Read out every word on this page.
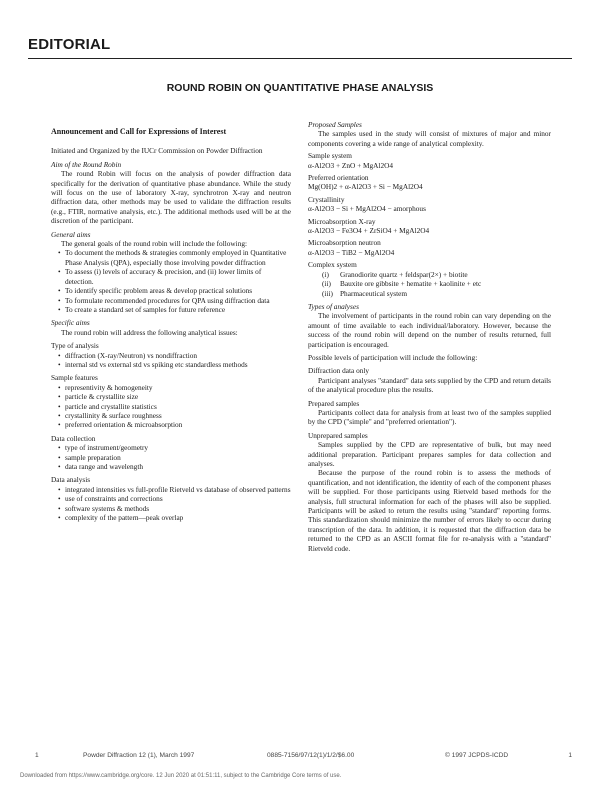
EDITORIAL
ROUND ROBIN ON QUANTITATIVE PHASE ANALYSIS
Announcement and Call for Expressions of Interest

Initiated and Organized by the IUCr Commission on Powder Diffraction

Aim of the Round Robin

The round Robin will focus on the analysis of powder diffraction data specifically for the derivation of quantitative phase abundance. While the study will focus on the use of laboratory X-ray, synchrotron X-ray and neutron diffraction data, other methods may be used to validate the diffraction results (e.g., FTIR, normative analysis, etc.). The additional methods used will be at the discretion of the participant.

General aims

The general goals of the round robin will include the following:

• To document the methods & strategies commonly employed in Quantitative Phase Analysis (QPA), especially those involving powder diffraction
• To assess (i) levels of accuracy & precision, and (ii) lower limits of detection.
• To identify specific problem areas & develop practical solutions
• To formulate recommended procedures for QPA using diffraction data
• To create a standard set of samples for future reference
Specific aims

The round robin will address the following analytical issues:

Type of analysis
• diffraction (X-ray/Neutron) vs nondiffraction
• internal std vs external std vs spiking etc standardless methods
Sample features
• representivity & homogeneity
• particle & crystallite size
• particle and crystallite statistics
• crystallinity & surface roughness
• preferred orientation & microabsorption
Data collection
• type of instrument/geometry
• sample preparation
• data range and wavelength
Data analysis
• integrated intensities vs full-profile Rietveld vs database of observed patterns
• use of constraints and corrections
• software systems & methods
• complexity of the pattern—peak overlap
Proposed Samples

The samples used in the study will consist of mixtures of major and minor components covering a wide range of analytical complexity.

Sample system
α-Al2O3 + ZnO + MgAl2O4
Preferred orientation
Mg(OH)2 + α-Al2O3 + Si − MgAl2O4
Crystallinity
α-Al2O3 − Si + MgAl2O4 − amorphous
Microabsorption X-ray
α-Al2O3 − Fe3O4 + ZrSiO4 + MgAl2O4
Microabsorption neutron
α-Al2O3 − TiB2 − MgAl2O4
Complex system
(i) Granodiorite quartz + feldspar(2×) + biotite
(ii) Bauxite ore gibbsite + hematite + kaolinite + etc
(iii) Pharmaceutical system
Types of analyses

The involvement of participants in the round robin can vary depending on the amount of time available to each individual/laboratory. However, because the success of the round robin will depend on the number of results returned, full participation is encouraged.

Possible levels of participation will include the following:

Diffraction data only

Participant analyses "standard" data sets supplied by the CPD and return details of the analytical procedure plus the results.

Prepared samples

Participants collect data for analysis from at least two of the samples supplied by the CPD ("simple" and "preferred orientation").

Unprepared samples

Samples supplied by the CPD are representative of bulk, but may need additional preparation. Participant prepares samples for data collection and analyses.

Because the purpose of the round robin is to assess the methods of quantification, and not identification, the identity of each of the component phases will be supplied. For those participants using Rietveld based methods for the analysis, full structural information for each of the phases will also be supplied. Participants will be asked to return the results using "standard" reporting forms. This standardization should minimize the number of errors likely to occur during transcription of the data. In addition, it is requested that the diffraction data be returned to the CPD as an ASCII format file for re-analysis with a "standard" Rietveld code.

1	Powder Diffraction 12 (1), March 1997	0885-7156/97/12(1)/1/2/$6.00	© 1997 JCPDS-ICDD	1
Downloaded from https://www.cambridge.org/core. 12 Jun 2020 at 01:51:11, subject to the Cambridge Core terms of use.
